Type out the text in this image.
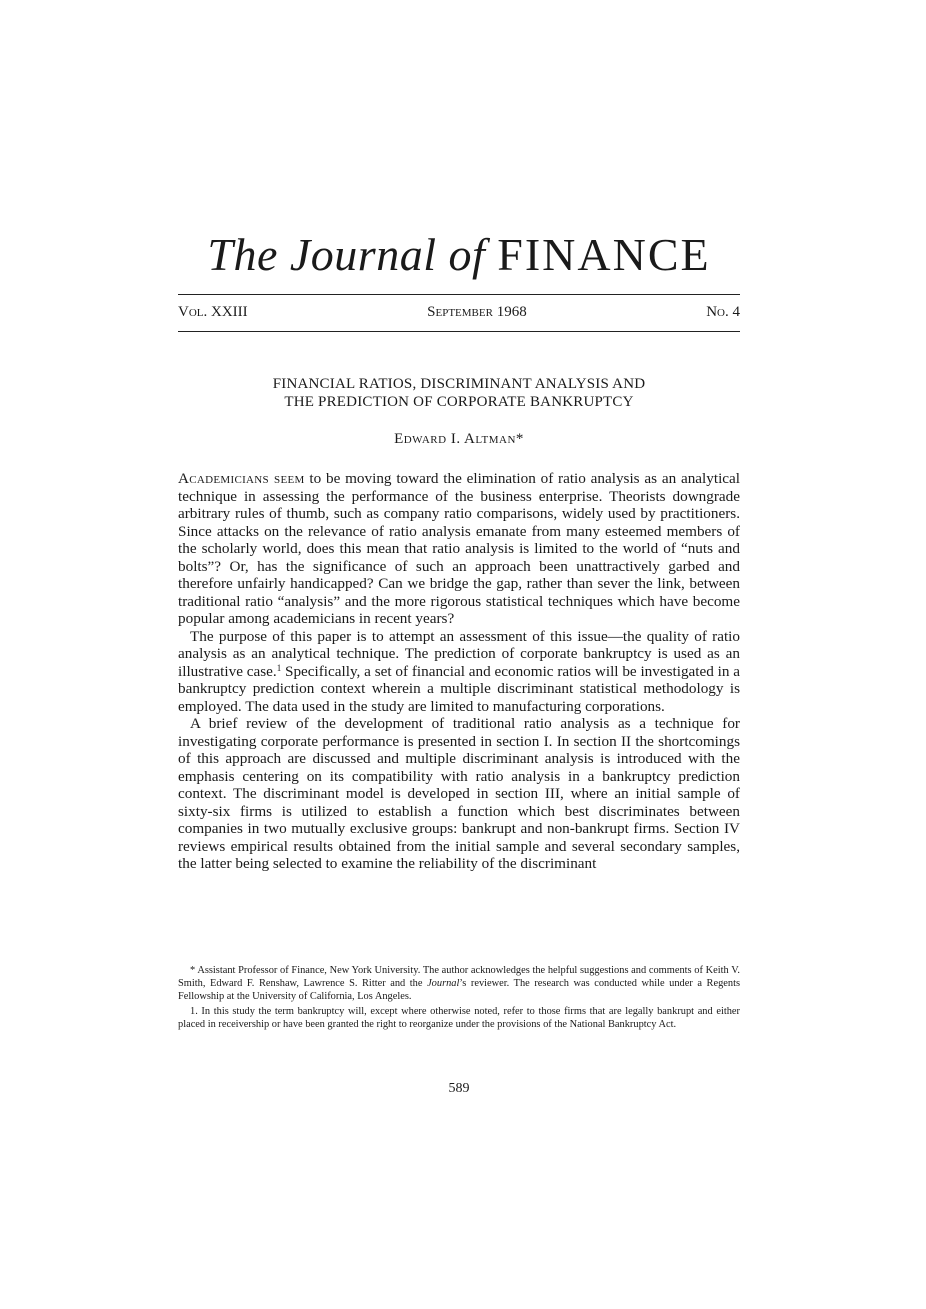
The Journal of FINANCE
Vol. XXIII	September 1968	No. 4
FINANCIAL RATIOS, DISCRIMINANT ANALYSIS AND
THE PREDICTION OF CORPORATE BANKRUPTCY
Edward I. Altman*

Academicians seem to be moving toward the elimination of ratio analysis as an analytical technique in assessing the performance of the business enterprise. Theorists downgrade arbitrary rules of thumb, such as company ratio comparisons, widely used by practitioners. Since attacks on the relevance of ratio analysis emanate from many esteemed members of the scholarly world, does this mean that ratio analysis is limited to the world of “nuts and bolts”? Or, has the significance of such an approach been unattractively garbed and therefore unfairly handicapped? Can we bridge the gap, rather than sever the link, between traditional ratio “analysis” and the more rigorous statistical techniques which have become popular among academicians in recent years?

The purpose of this paper is to attempt an assessment of this issue—the quality of ratio analysis as an analytical technique. The prediction of corporate bankruptcy is used as an illustrative case.$^1$ Specifically, a set of financial and economic ratios will be investigated in a bankruptcy prediction context wherein a multiple discriminant statistical methodology is employed. The data used in the study are limited to manufacturing corporations.

A brief review of the development of traditional ratio analysis as a technique for investigating corporate performance is presented in section I. In section II the shortcomings of this approach are discussed and multiple discriminant analysis is introduced with the emphasis centering on its compatibility with ratio analysis in a bankruptcy prediction context. The discriminant model is developed in section III, where an initial sample of sixty-six firms is utilized to establish a function which best discriminates between companies in two mutually exclusive groups: bankrupt and non-bankrupt firms. Section IV reviews empirical results obtained from the initial sample and several secondary samples, the latter being selected to examine the reliability of the discriminant

* Assistant Professor of Finance, New York University. The author acknowledges the helpful suggestions and comments of Keith V. Smith, Edward F. Renshaw, Lawrence S. Ritter and the Journal’s reviewer. The research was conducted while under a Regents Fellowship at the University of California, Los Angeles.

1. In this study the term bankruptcy will, except where otherwise noted, refer to those firms that are legally bankrupt and either placed in receivership or have been granted the right to reorganize under the provisions of the National Bankruptcy Act.

589
